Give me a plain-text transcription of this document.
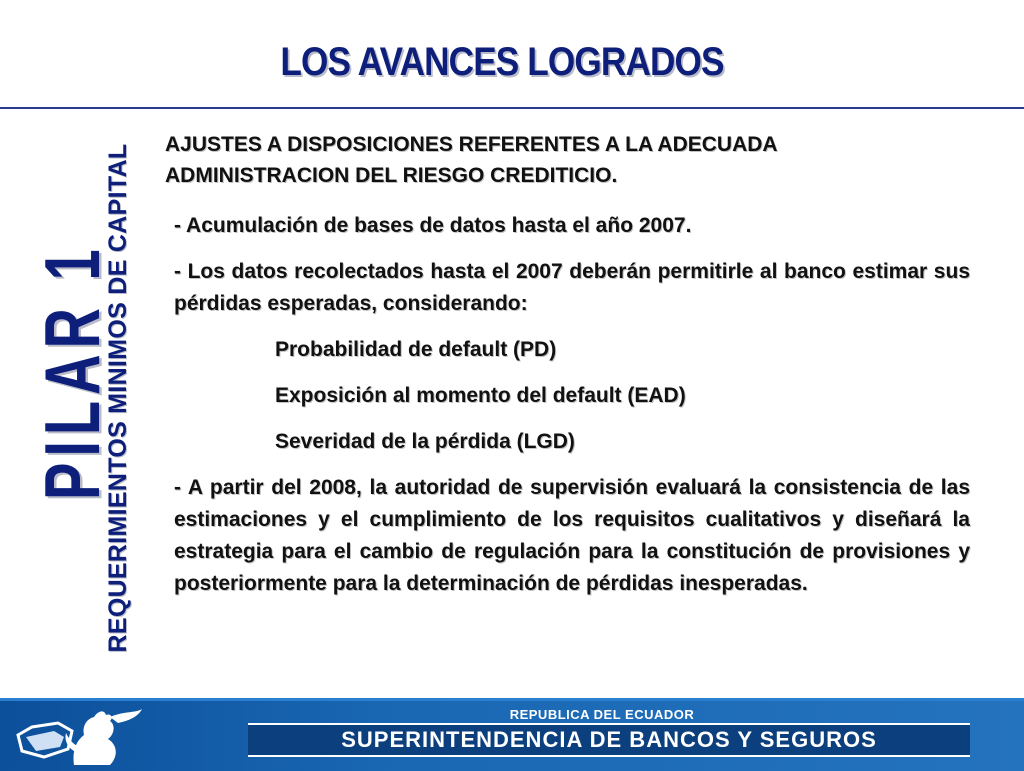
LOS AVANCES LOGRADOS
PILAR 1
REQUERIMIENTOS MINIMOS DE CAPITAL AJUSTES A DISPOSICIONES REFERENTES A LA ADECUADA
ADMINISTRACION DEL RIESGO CREDITICIO.

- Acumulación de bases de datos hasta el año 2007.

- Los datos recolectados hasta el 2007 deberán permitirle al banco estimar sus pérdidas esperadas, considerando:

Probabilidad de default (PD)

Exposición al momento del default (EAD)

Severidad de la pérdida (LGD)

- A partir del 2008, la autoridad de supervisión evaluará la consistencia de las estimaciones y el cumplimiento de los requisitos cualitativos y diseñará la estrategia para el cambio de regulación para la constitución de provisiones y posteriormente para la determinación de pérdidas inesperadas.

REPUBLICA DEL ECUADOR
SUPERINTENDENCIA DE BANCOS Y SEGUROS
